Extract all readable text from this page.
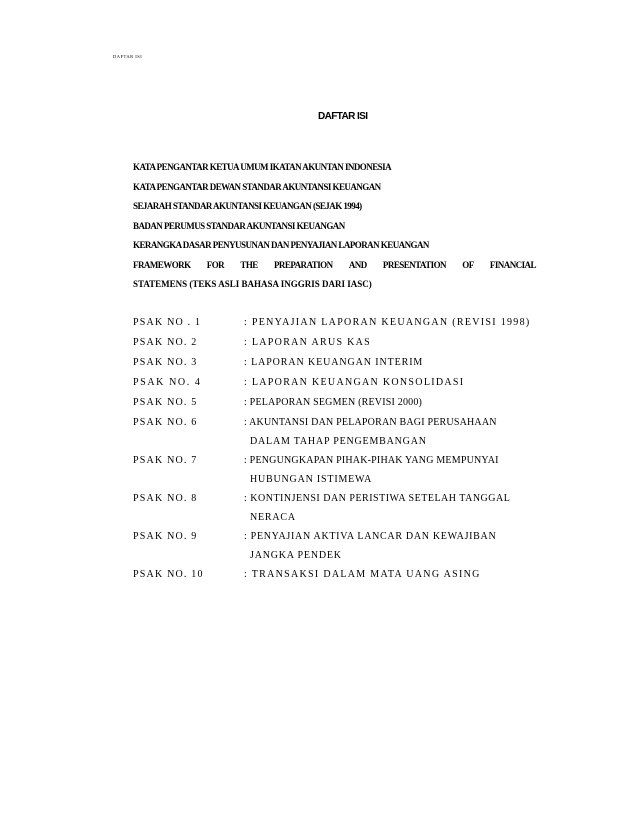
DAFTAR ISI
DAFTAR ISI
KATA PENGANTAR KETUA UMUM IKATAN AKUNTAN INDONESIA
KATA PENGANTAR DEWAN STANDAR AKUNTANSI KEUANGAN
SEJARAH STANDAR AKUNTANSI KEUANGAN (SEJAK 1994)
BADAN PERUMUS STANDAR AKUNTANSI KEUANGAN
KERANGKA DASAR PENYUSUNAN DAN PENYAJIAN LAPORAN KEUANGAN
FRAMEWORK FOR THE PREPARATION AND PRESENTATION OF FINANCIAL
STATEMENS (TEKS ASLI BAHASA INGGRIS DARI IASC)
PSAK NO . 1	: PENYAJIAN LAPORAN KEUANGAN (REVISI 1998)
PSAK NO. 2	: LAPORAN ARUS KAS
PSAK NO. 3	: LAPORAN KEUANGAN INTERIM
PSAK NO. 4	: LAPORAN KEUANGAN KONSOLIDASI
PSAK NO. 5	: PELAPORAN SEGMEN (REVISI 2000)
PSAK NO. 6	: AKUNTANSI DAN PELAPORAN BAGI PERUSAHAAN
DALAM TAHAP PENGEMBANGAN
PSAK NO. 7	: PENGUNGKAPAN PIHAK-PIHAK YANG MEMPUNYAI
HUBUNGAN ISTIMEWA
PSAK NO. 8	: KONTINJENSI DAN PERISTIWA SETELAH TANGGAL
NERACA
PSAK NO. 9	: PENYAJIAN AKTIVA LANCAR DAN KEWAJIBAN
JANGKA PENDEK
PSAK NO. 10	: TRANSAKSI DALAM MATA UANG ASING
